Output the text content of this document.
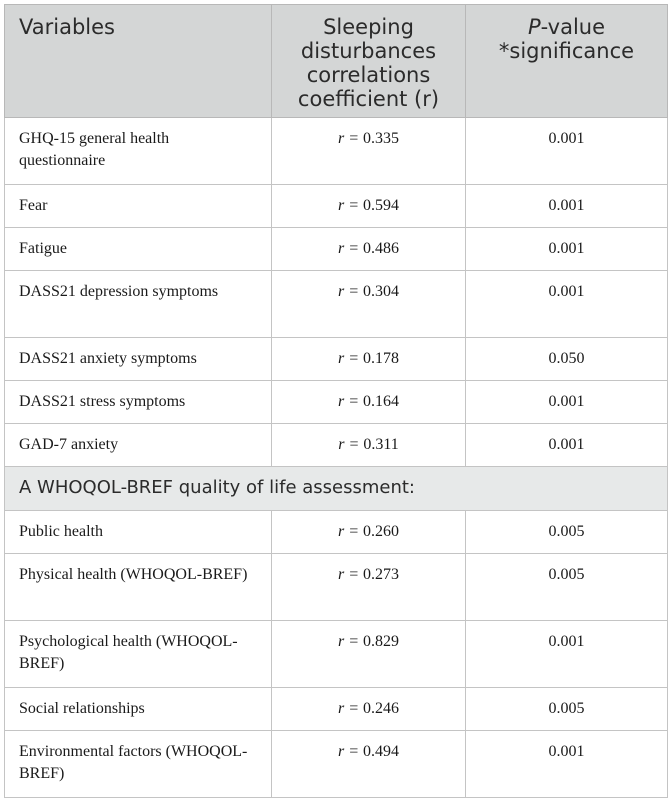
Variables	Sleeping disturbances correlations coefficient (r)	P-value *significance
GHQ-15 general health questionnaire	r = 0.335	0.001
Fear	r = 0.594	0.001
Fatigue	r = 0.486	0.001
DASS21 depression symptoms	r = 0.304	0.001
DASS21 anxiety symptoms	r = 0.178	0.050
DASS21 stress symptoms	r = 0.164	0.001
GAD-7 anxiety	r = 0.311	0.001
A WHOQOL-BREF quality of life assessment:		
Public health	r = 0.260	0.005
Physical health (WHOQOL-BREF)	r = 0.273	0.005
Psychological health (WHOQOL-BREF)	r = 0.829	0.001
Social relationships	r = 0.246	0.005
Environmental factors (WHOQOL-BREF)	r = 0.494	0.001
